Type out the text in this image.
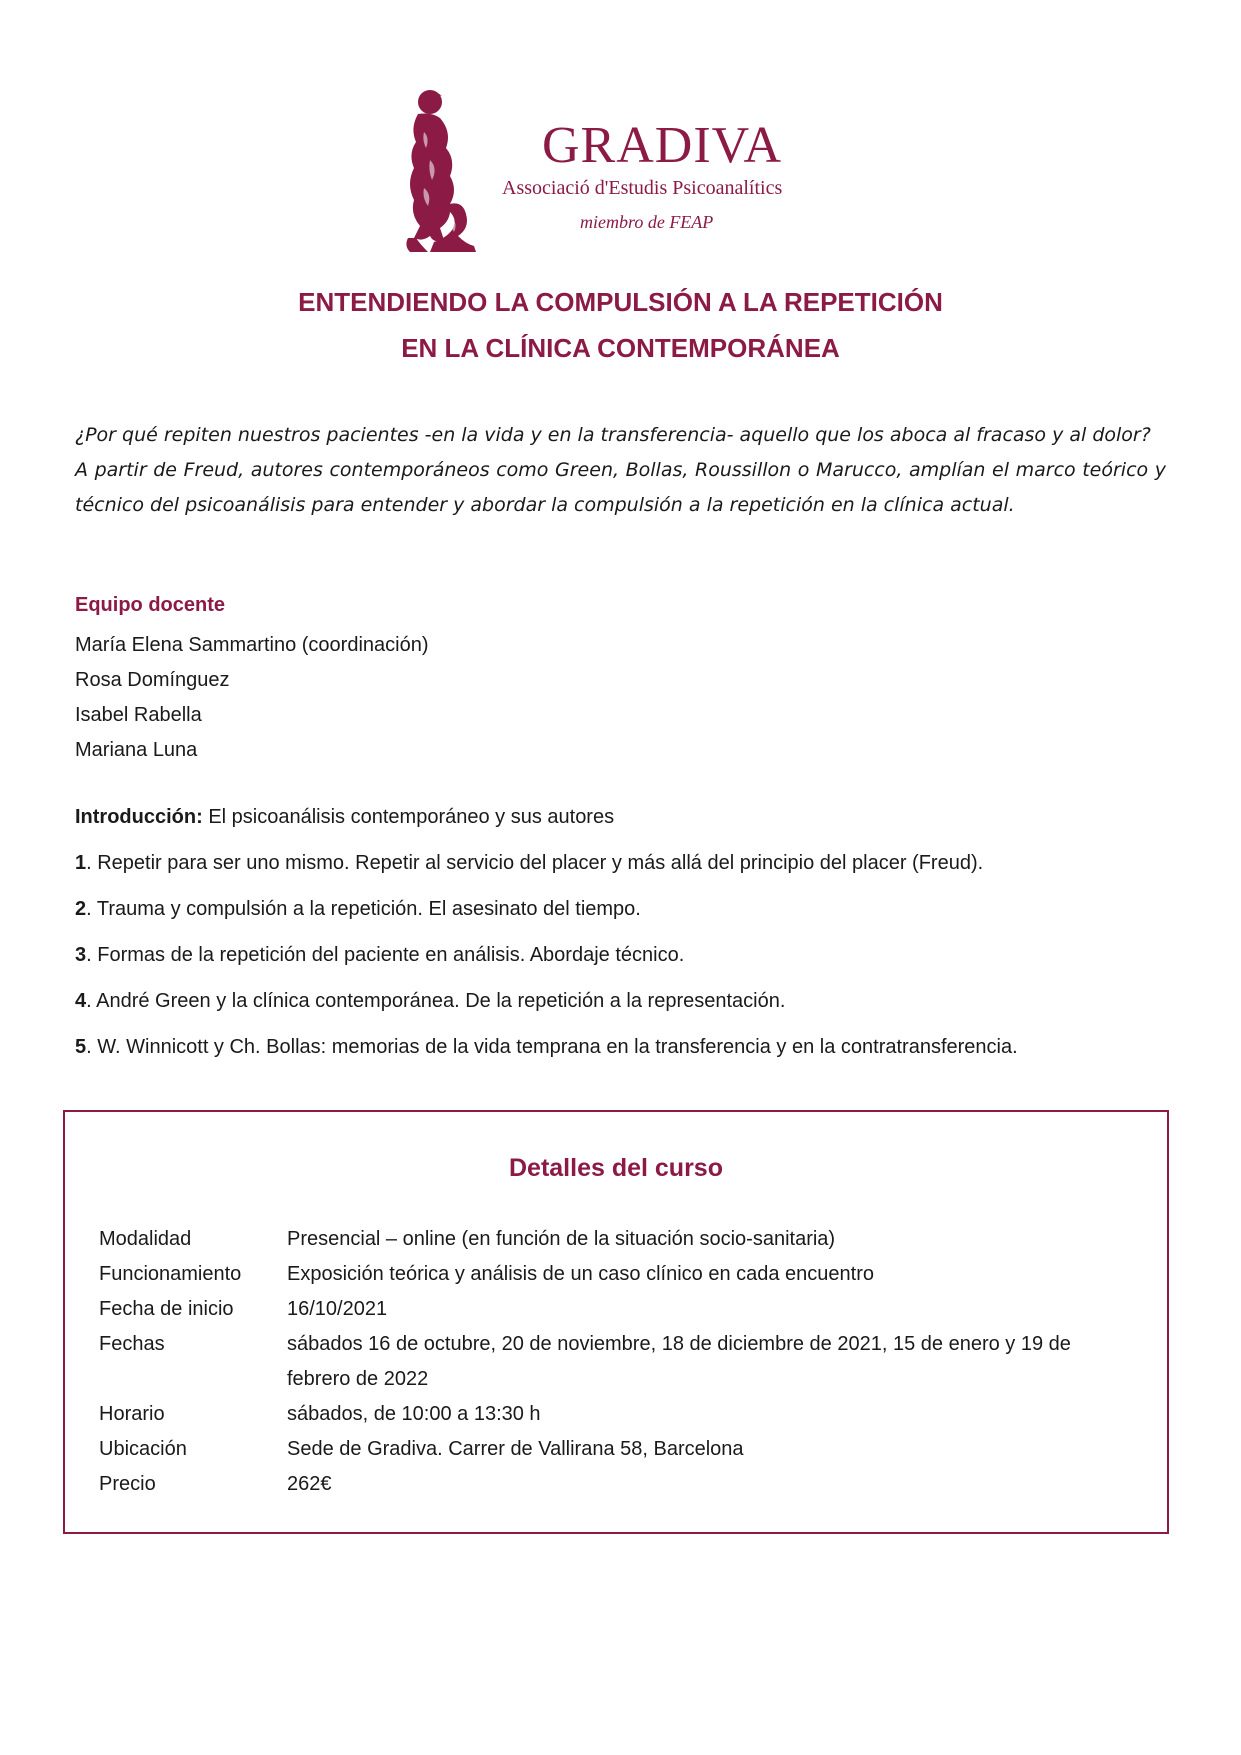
GRADIVA
Associació d'Estudis Psicoanalítics
miembro de FEAP
ENTENDIENDO LA COMPULSIÓN A LA REPETICIÓN
EN LA CLÍNICA CONTEMPORÁNEA

¿Por qué repiten nuestros pacientes -en la vida y en la transferencia- aquello que los aboca al fracaso y al dolor?

A partir de Freud, autores contemporáneos como Green, Bollas, Roussillon o Marucco, amplían el marco teórico y técnico del psicoanálisis para entender y abordar la compulsión a la repetición en la clínica actual.

Equipo docente
María Elena Sammartino (coordinación)
Rosa Domínguez
Isabel Rabella
Mariana Luna
Introducción: El psicoanálisis contemporáneo y sus autores
1. Repetir para ser uno mismo. Repetir al servicio del placer y más allá del principio del placer (Freud).
2. Trauma y compulsión a la repetición. El asesinato del tiempo.
3. Formas de la repetición del paciente en análisis. Abordaje técnico.
4. André Green y la clínica contemporánea. De la repetición a la representación.
5. W. Winnicott y Ch. Bollas: memorias de la vida temprana en la transferencia y en la contratransferencia.
Detalles del curso
Modalidad	Presencial – online (en función de la situación socio-sanitaria)
Funcionamiento	Exposición teórica y análisis de un caso clínico en cada encuentro
Fecha de inicio	16/10/2021
Fechas	sábados 16 de octubre, 20 de noviembre, 18 de diciembre de 2021, 15 de enero y 19 de febrero de 2022
Horario	sábados, de 10:00 a 13:30 h
Ubicación	Sede de Gradiva. Carrer de Vallirana 58, Barcelona
Precio	262€
